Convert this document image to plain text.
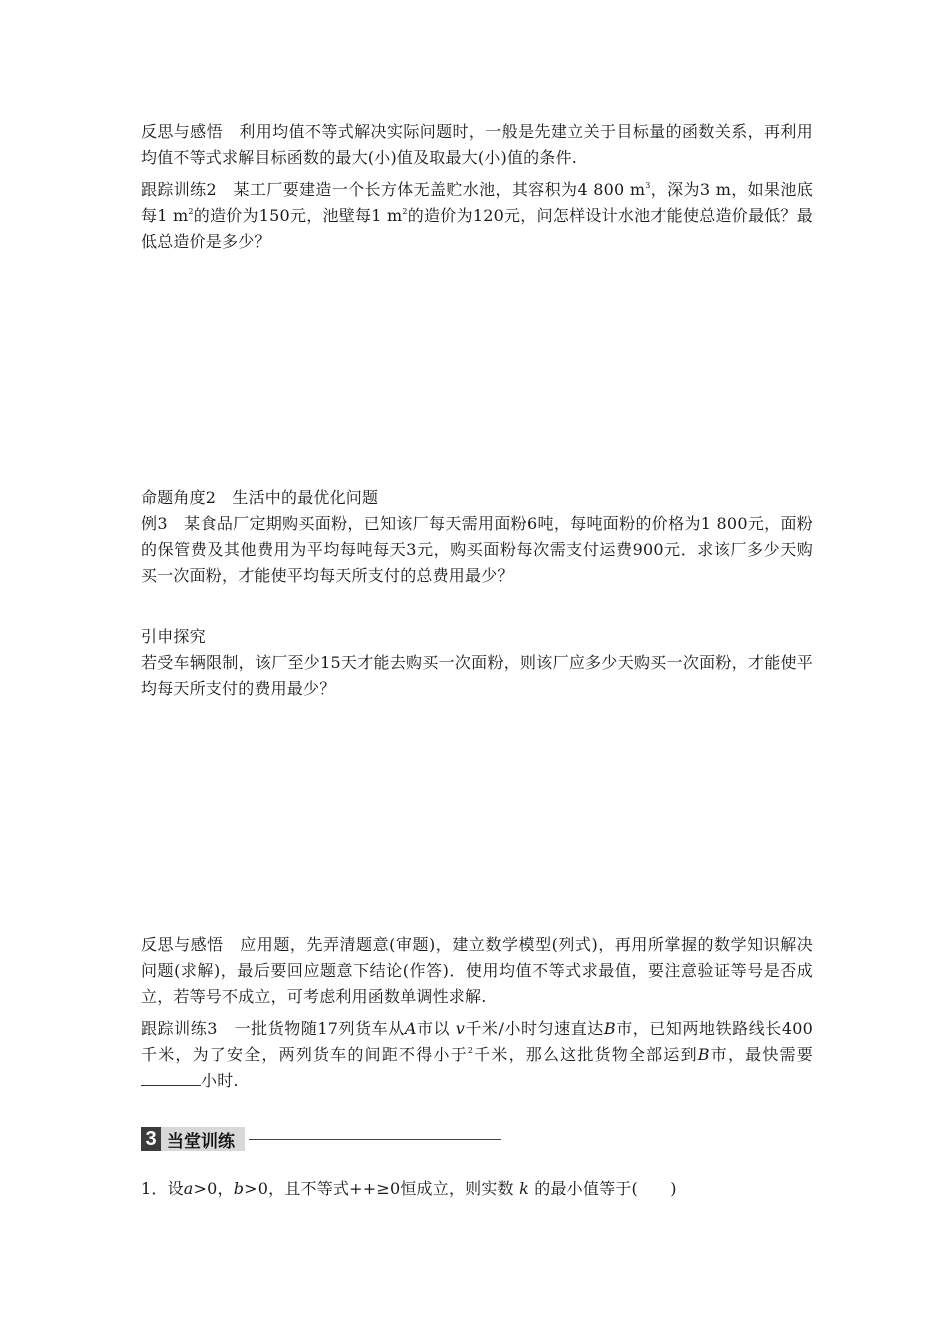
反思与感悟　 利用均值不等式解决实际问题时，一般是先建立关于目标量的函数关系，再利用均值不等式求解目标函数的最大(小)值及取最大(小)值的条件.

跟踪训练2　 某工厂要建造一个长方体无盖贮水池，其容积为4 800 $m^3$，深为3 m，如果池底每1 $m^2$的造价为150元，池壁每1 $m^2$的造价为120元，问怎样设计水池才能使总造价最低？最低总造价是多少？

命题角度2　 生活中的最优化问题

例3　 某食品厂定期购买面粉，已知该厂每天需用面粉6吨，每吨面粉的价格为1 800元，面粉的保管费及其他费用为平均每吨每天3元，购买面粉每次需支付运费900元．求该厂多少天购买一次面粉，才能使平均每天所支付的总费用最少？

引申探究

若受车辆限制，该厂至少15天才能去购买一次面粉，则该厂应多少天购买一次面粉，才能使平均每天所支付的费用最少？

反思与感悟　 应用题，先弄清题意(审题)，建立数学模型(列式)，再用所掌握的数学知识解决问题(求解)，最后要回应题意下结论(作答)．使用均值不等式求最值，要注意验证等号是否成立，若等号不成立，可考虑利用函数单调性求解.

跟踪训练3　 一批货物随17列货车从A市以 v千米/小时匀速直达B市，已知两地铁路线长400千米，为了安全，两列货车的间距不得小于$^2$千米，那么这批货物全部运到B市，最快需要小时.

3 当堂训练

1．设a>0，b>0，且不等式++≥0恒成立，则实数 k 的最小值等于(　　)
